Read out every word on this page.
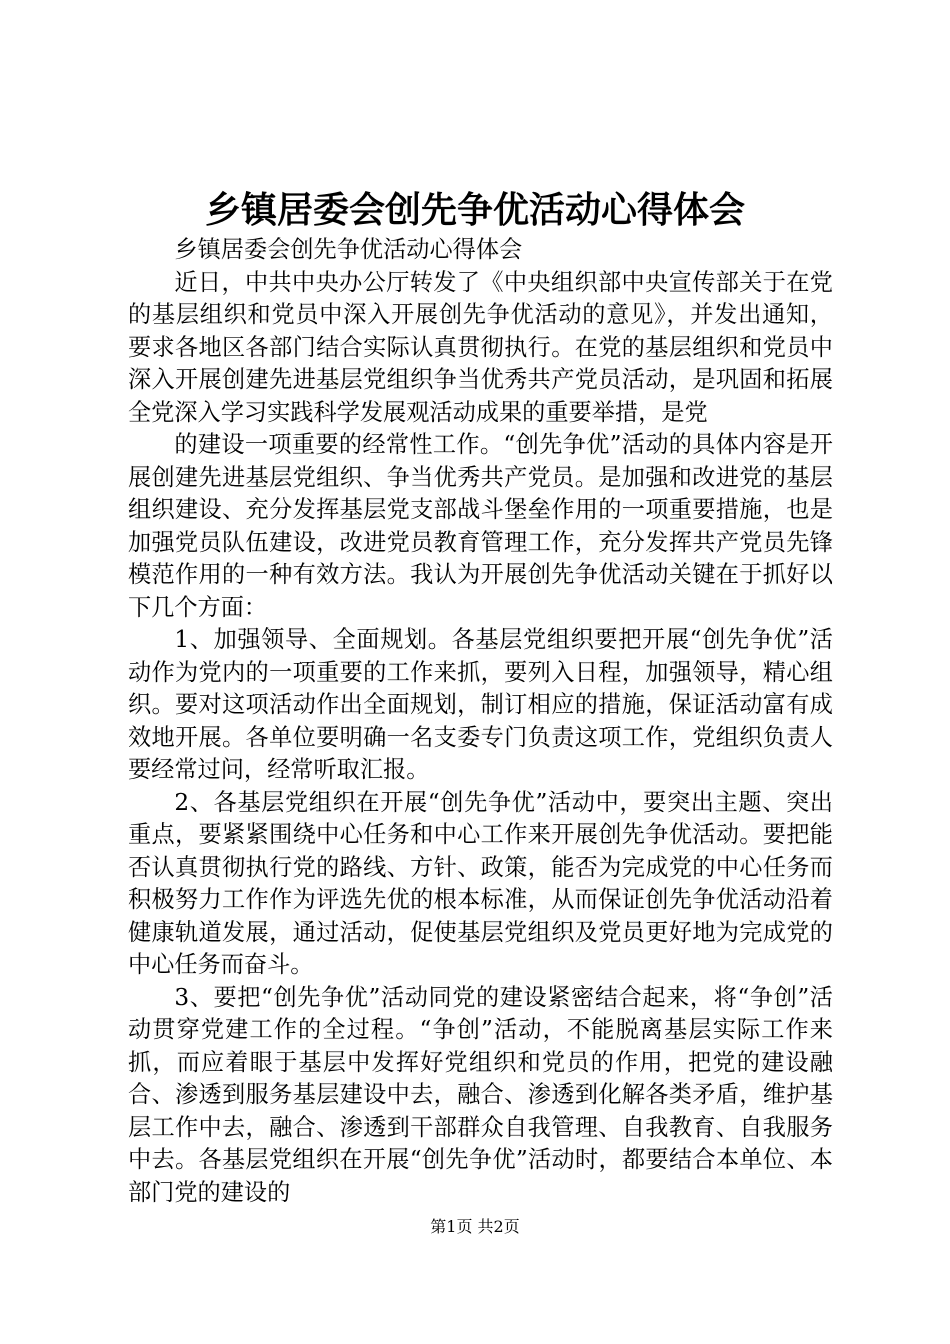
乡镇居委会创先争优活动心得体会

乡镇居委会创先争优活动心得体会

近日，中共中央办公厅转发了《中央组织部中央宣传部关于在党的基层组织和党员中深入开展创先争优活动的意见》，并发出通知，要求各地区各部门结合实际认真贯彻执行。在党的基层组织和党员中深入开展创建先进基层党组织争当优秀共产党员活动，是巩固和拓展全党深入学习实践科学发展观活动成果的重要举措，是党

的建设一项重要的经常性工作。“创先争优”活动的具体内容是开展创建先进基层党组织、争当优秀共产党员。是加强和改进党的基层组织建设、充分发挥基层党支部战斗堡垒作用的一项重要措施，也是加强党员队伍建设，改进党员教育管理工作，充分发挥共产党员先锋模范作用的一种有效方法。我认为开展创先争优活动关键在于抓好以下几个方面：

1、加强领导、全面规划。各基层党组织要把开展“创先争优”活动作为党内的一项重要的工作来抓，要列入日程，加强领导，精心组织。要对这项活动作出全面规划，制订相应的措施，保证活动富有成效地开展。各单位要明确一名支委专门负责这项工作，党组织负责人要经常过问，经常听取汇报。

2、各基层党组织在开展“创先争优”活动中，要突出主题、突出重点，要紧紧围绕中心任务和中心工作来开展创先争优活动。要把能否认真贯彻执行党的路线、方针、政策，能否为完成党的中心任务而积极努力工作作为评选先优的根本标准，从而保证创先争优活动沿着健康轨道发展，通过活动，促使基层党组织及党员更好地为完成党的中心任务而奋斗。

3、要把“创先争优”活动同党的建设紧密结合起来，将“争创”活动贯穿党建工作的全过程。“争创”活动，不能脱离基层实际工作来抓，而应着眼于基层中发挥好党组织和党员的作用，把党的建设融合、渗透到服务基层建设中去，融合、渗透到化解各类矛盾，维护基层工作中去，融合、渗透到干部群众自我管理、自我教育、自我服务中去。各基层党组织在开展“创先争优”活动时，都要结合本单位、本部门党的建设的

第1页 共2页
